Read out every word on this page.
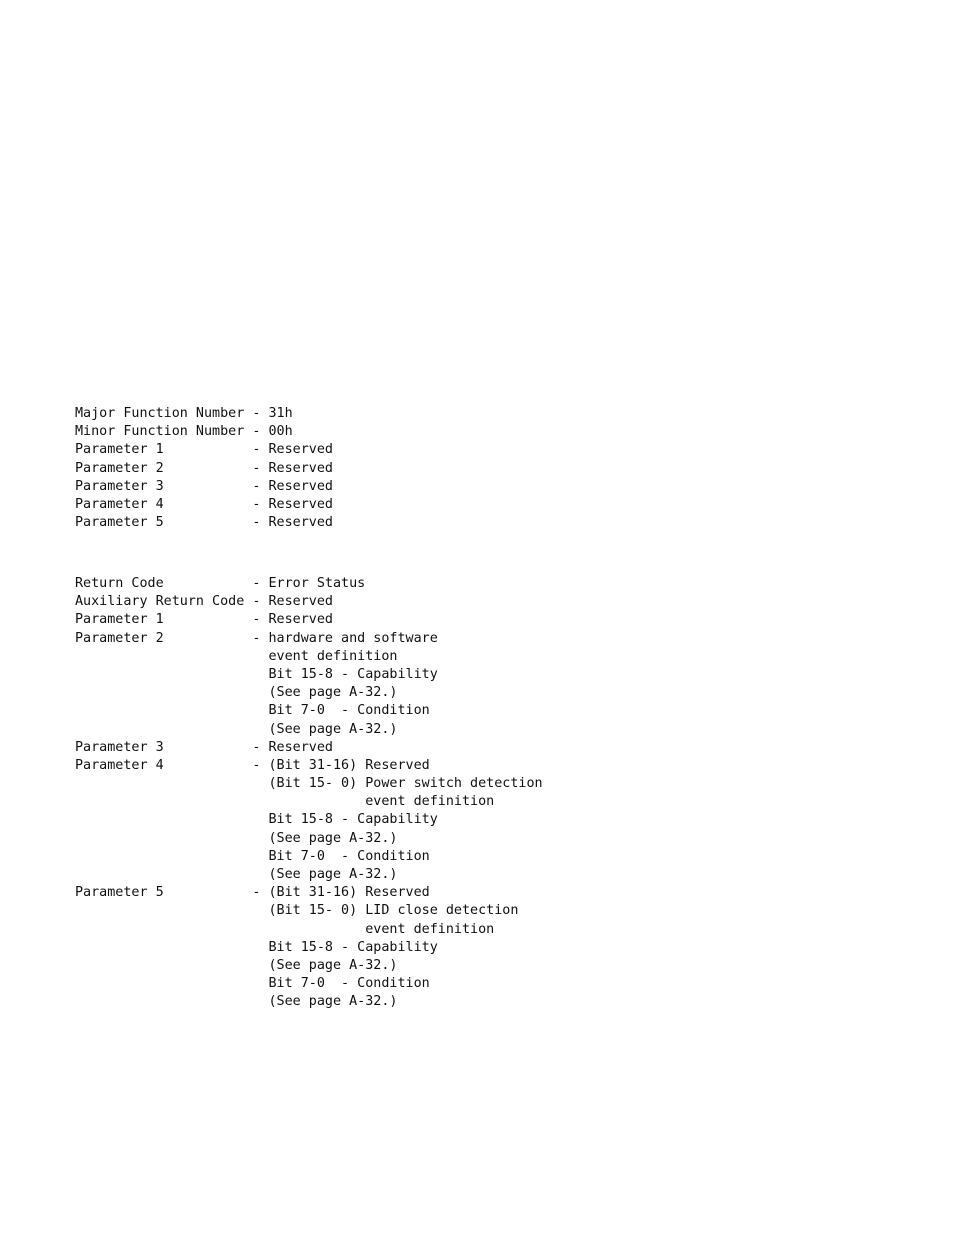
Major Function Number - 31h
Minor Function Number - 00h
Parameter 1           - Reserved
Parameter 2           - Reserved
Parameter 3           - Reserved
Parameter 4           - Reserved
Parameter 5           - Reserved
Return Code           - Error Status
Auxiliary Return Code - Reserved
Parameter 1           - Reserved
Parameter 2           - hardware and software
event definition
Bit 15-8 - Capability
(See page A-32.)
Bit 7-0  - Condition
(See page A-32.)
Parameter 3           - Reserved
Parameter 4           - (Bit 31-16) Reserved
(Bit 15- 0) Power switch detection
event definition
Bit 15-8 - Capability
(See page A-32.)
Bit 7-0  - Condition
(See page A-32.)
Parameter 5           - (Bit 31-16) Reserved
(Bit 15- 0) LID close detection
event definition
Bit 15-8 - Capability
(See page A-32.)
Bit 7-0  - Condition
(See page A-32.)
